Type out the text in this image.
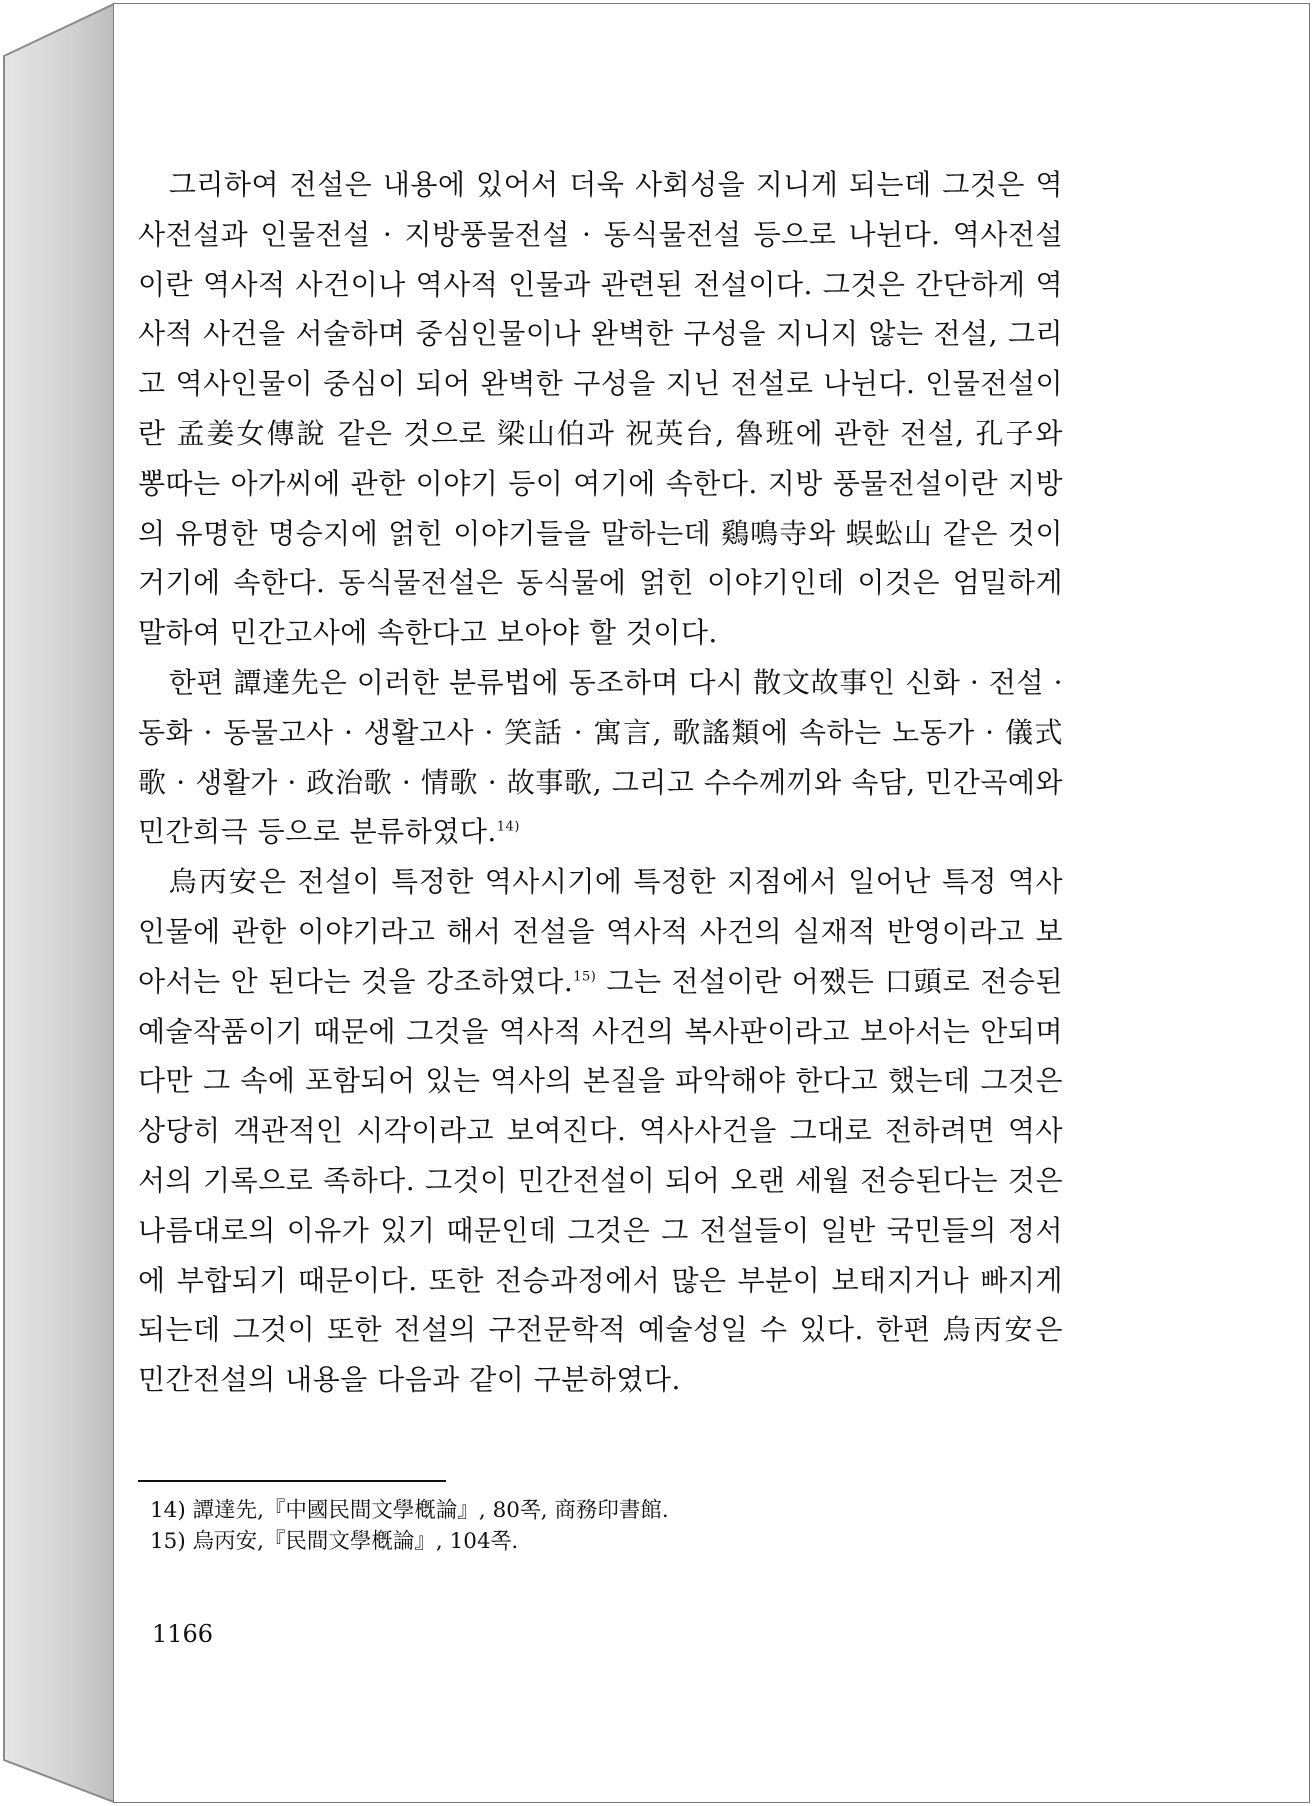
그리하여 전설은 내용에 있어서 더욱 사회성을 지니게 되는데 그것은 역사전설과 인물전설 · 지방풍물전설 · 동식물전설 등으로 나뉜다. 역사전설이란 역사적 사건이나 역사적 인물과 관련된 전설이다. 그것은 간단하게 역사적 사건을 서술하며 중심인물이나 완벽한 구성을 지니지 않는 전설, 그리고 역사인물이 중심이 되어 완벽한 구성을 지닌 전설로 나뉜다. 인물전설이란 孟姜女傳說 같은 것으로 梁山伯과 祝英台, 魯班에 관한 전설, 孔子와 뽕따는 아가씨에 관한 이야기 등이 여기에 속한다. 지방 풍물전설이란 지방의 유명한 명승지에 얽힌 이야기들을 말하는데 鷄鳴寺와 蜈蚣山 같은 것이 거기에 속한다. 동식물전설은 동식물에 얽힌 이야기인데 이것은 엄밀하게 말하여 민간고사에 속한다고 보아야 할 것이다.

한편 譚達先은 이러한 분류법에 동조하며 다시 散文故事인 신화 · 전설 · 동화 · 동물고사 · 생활고사 · 笑話 · 寓言, 歌謠類에 속하는 노동가 · 儀式歌 · 생활가 · 政治歌 · 情歌 · 故事歌, 그리고 수수께끼와 속담, 민간곡예와 민간희극 등으로 분류하였다.$^{14)}$

烏丙安은 전설이 특정한 역사시기에 특정한 지점에서 일어난 특정 역사인물에 관한 이야기라고 해서 전설을 역사적 사건의 실재적 반영이라고 보아서는 안 된다는 것을 강조하였다.$^{15)}$ 그는 전설이란 어쨌든 口頭로 전승된 예술작품이기 때문에 그것을 역사적 사건의 복사판이라고 보아서는 안되며 다만 그 속에 포함되어 있는 역사의 본질을 파악해야 한다고 했는데 그것은 상당히 객관적인 시각이라고 보여진다. 역사사건을 그대로 전하려면 역사서의 기록으로 족하다. 그것이 민간전설이 되어 오랜 세월 전승된다는 것은 나름대로의 이유가 있기 때문인데 그것은 그 전설들이 일반 국민들의 정서에 부합되기 때문이다. 또한 전승과정에서 많은 부분이 보태지거나 빠지게 되는데 그것이 또한 전설의 구전문학적 예술성일 수 있다. 한편 烏丙安은 민간전설의 내용을 다음과 같이 구분하였다.

14) 譚達先,『中國民間文學槪論』, 80쪽, 商務印書館.

15) 烏丙安,『民間文學槪論』, 104쪽.

1166
